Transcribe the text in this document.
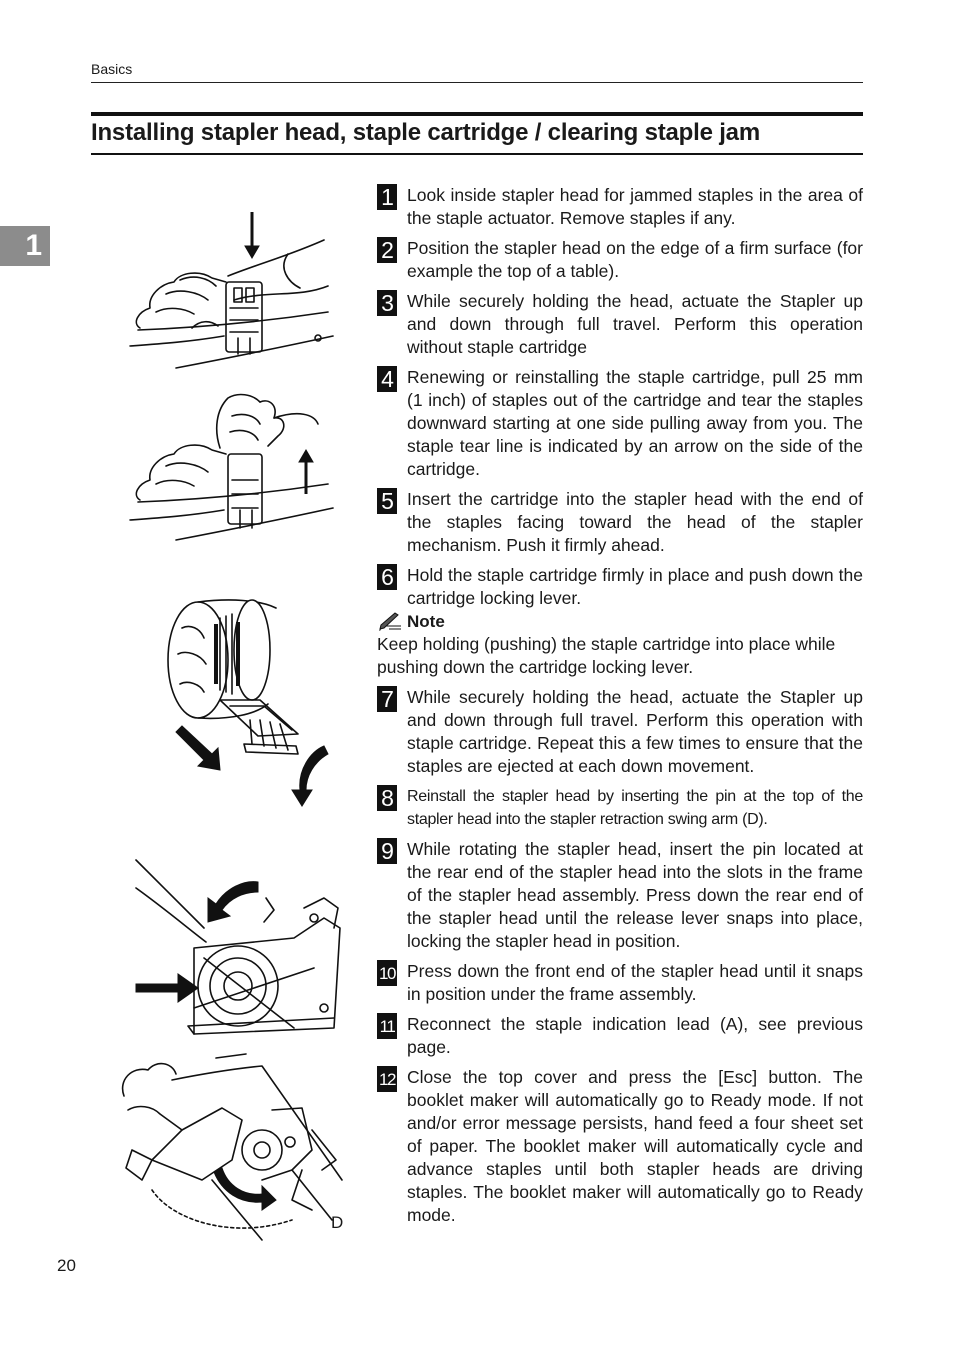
Basics
Installing stapler head, staple cartridge / clearing staple jam
1
D
1 Look inside stapler head for jammed staples in the area of the staple actuator. Remove staples if any.
2 Position the stapler head on the edge of a firm surface (for example the top of a table).
3 While securely holding the head, actuate the Stapler up and down through full travel. Perform this operation without staple cartridge
4 Renewing or reinstalling the staple cartridge, pull 25 mm (1 inch) of staples out of the cartridge and tear the staples downward starting at one side pulling away from you. The staple tear line is indicated by an arrow on the side of the cartridge.
5 Insert the cartridge into the stapler head with the end of the staples facing toward the head of the stapler mechanism. Push it firmly ahead.
6 Hold the staple cartridge firmly in place and push down the cartridge locking lever.
Note
Keep holding (pushing) the staple cartridge into place while pushing down the cartridge locking lever.
7 While securely holding the head, actuate the Stapler up and down through full travel. Perform this operation with staple cartridge. Repeat this a few times to ensure that the staples are ejected at each down movement.
8 Reinstall the stapler head by inserting the pin at the top of the stapler head into the stapler retraction swing arm (D).
9 While rotating the stapler head, insert the pin located at the rear end of the stapler head into the slots in the frame of the stapler head assembly. Press down the rear end of the stapler head until the release lever snaps into place, locking the stapler head in position.
10 Press down the front end of the stapler head until it snaps in position under the frame assembly.
11 Reconnect the staple indication lead (A), see previous page.
12 Close the top cover and press the [Esc] button. The booklet maker will automatically go to Ready mode. If not and/or error message persists, hand feed a four sheet set of paper. The booklet maker will automatically cycle and advance staples until both stapler heads are driving staples. The booklet maker will automatically go to Ready mode.
20
